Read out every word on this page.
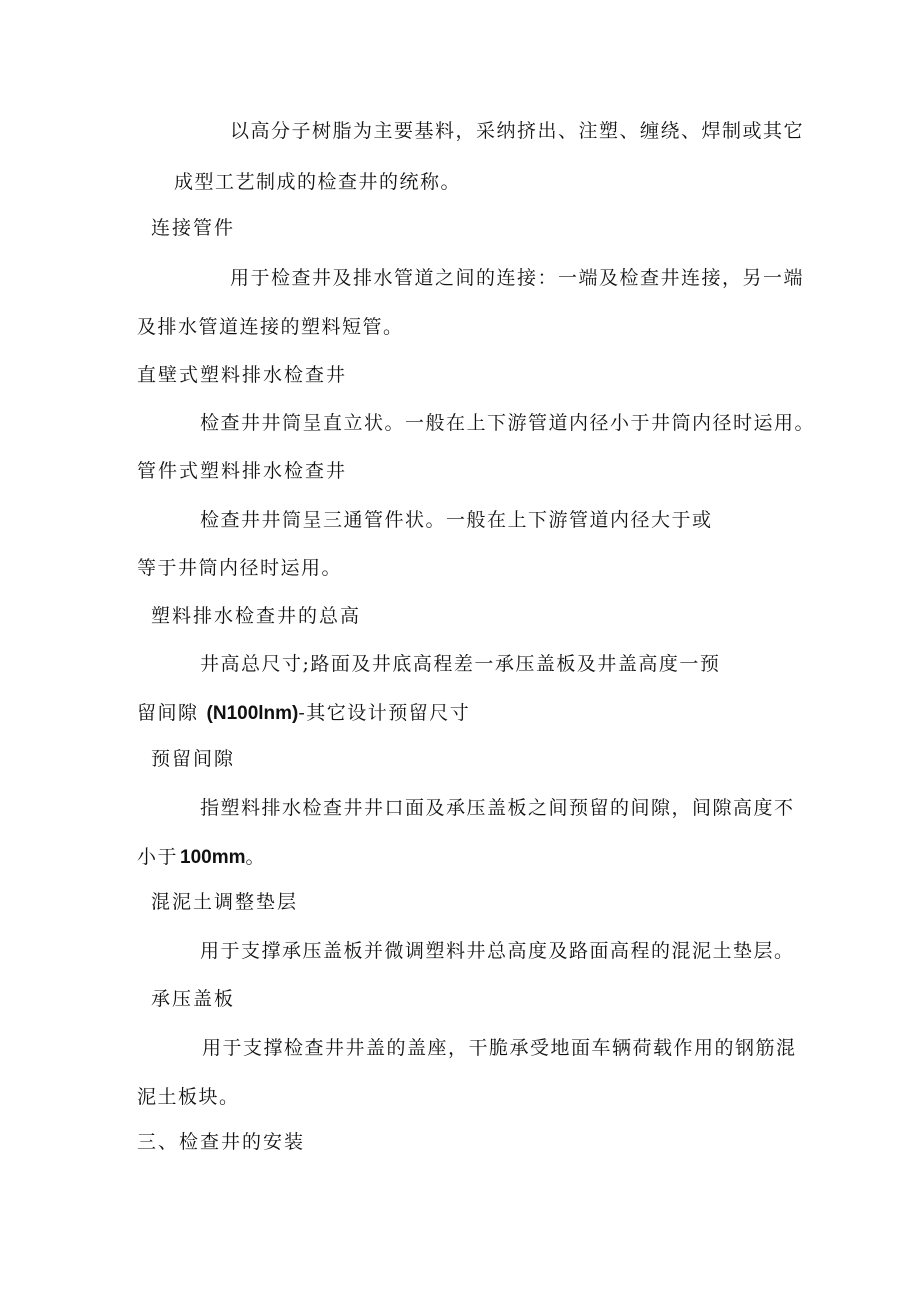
以高分子树脂为主要基料，采纳挤出、注塑、缠绕、焊制或其它
成型工艺制成的检查井的统称。
连接管件
用于检查井及排水管道之间的连接：一端及检查井连接，另一端
及排水管道连接的塑料短管。
直壁式塑料排水检查井
检查井井筒呈直立状。一般在上下游管道内径小于井筒内径时运用。
管件式塑料排水检查井
检查井井筒呈三通管件状。一般在上下游管道内径大于或
等于井筒内径时运用。
塑料排水检查井的总高
井高总尺寸;路面及井底高程差一承压盖板及井盖高度一预
留间隙 (N100lnm)-其它设计预留尺寸
预留间隙
指塑料排水检查井井口面及承压盖板之间预留的间隙，间隙高度不
小于 100mm。
混泥土调整垫层
用于支撑承压盖板并微调塑料井总高度及路面高程的混泥土垫层。
承压盖板
用于支撑检查井井盖的盖座，干脆承受地面车辆荷载作用的钢筋混
泥土板块。
三、检查井的安装
